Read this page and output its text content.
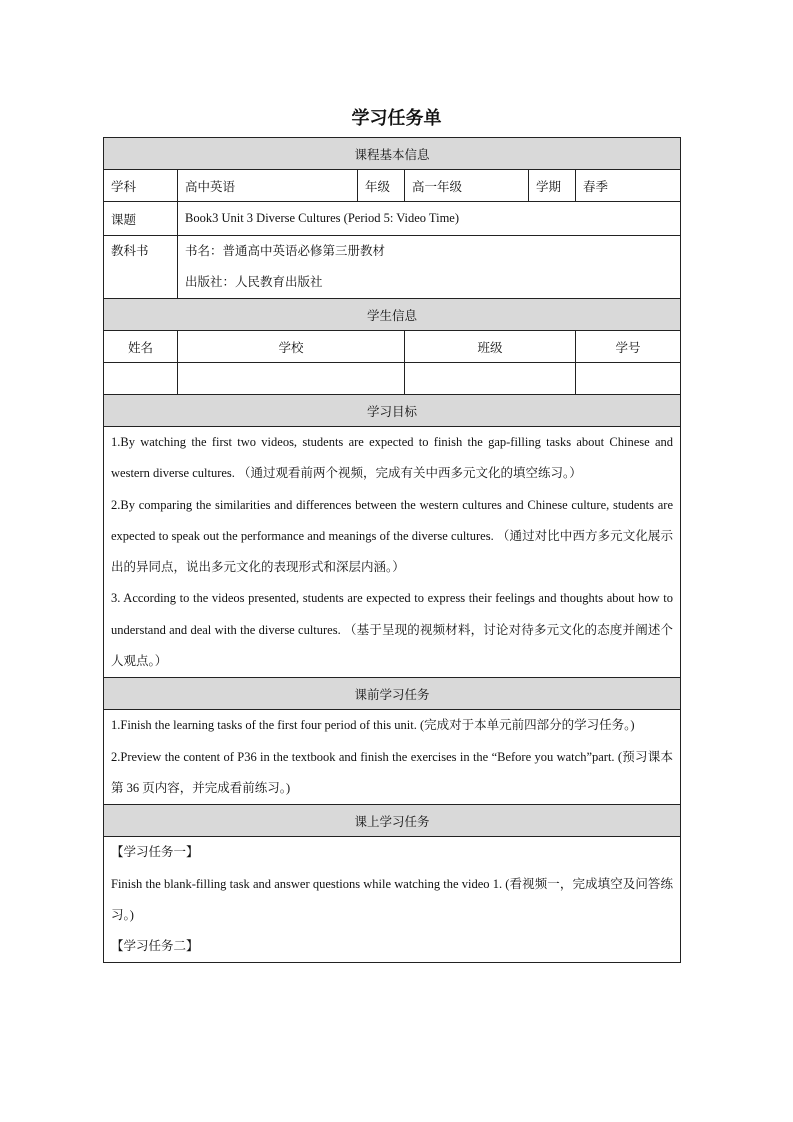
学习任务单
课程基本信息					
学科	高中英语	年级	高一年级	学期	春季
课题	Book3 Unit 3 Diverse Cultures (Period 5: Video Time)				

教科书	书名：普通高中英语必修第三册教材
出版社：人民教育出版社				

学生信息					
姓名	学校		班级		学号

学习目标					

1.By watching the first two videos, students are expected to finish the gap-filling tasks about Chinese and western diverse cultures. （通过观看前两个视频，完成有关中西多元文化的填空练习。）
2.By comparing the similarities and differences between the western cultures and Chinese culture, students are expected to speak out the performance and meanings of the diverse cultures. （通过对比中西方多元文化展示出的异同点，说出多元文化的表现形式和深层内涵。）
3. According to the videos presented, students are expected to express their feelings and thoughts about how to understand and deal with the diverse cultures. （基于呈现的视频材料，讨论对待多元文化的态度并阐述个人观点。）					

课前学习任务					

1.Finish the learning tasks of the first four period of this unit. (完成对于本单元前四部分的学习任务。)
2.Preview the content of P36 in the textbook and finish the exercises in the “Before you watch”part. (预习课本第 36 页内容，并完成看前练习。)					

课上学习任务					

【学习任务一】
Finish the blank-filling task and answer questions while watching the video 1. (看视频一，完成填空及问答练习。)
【学习任务二】					
